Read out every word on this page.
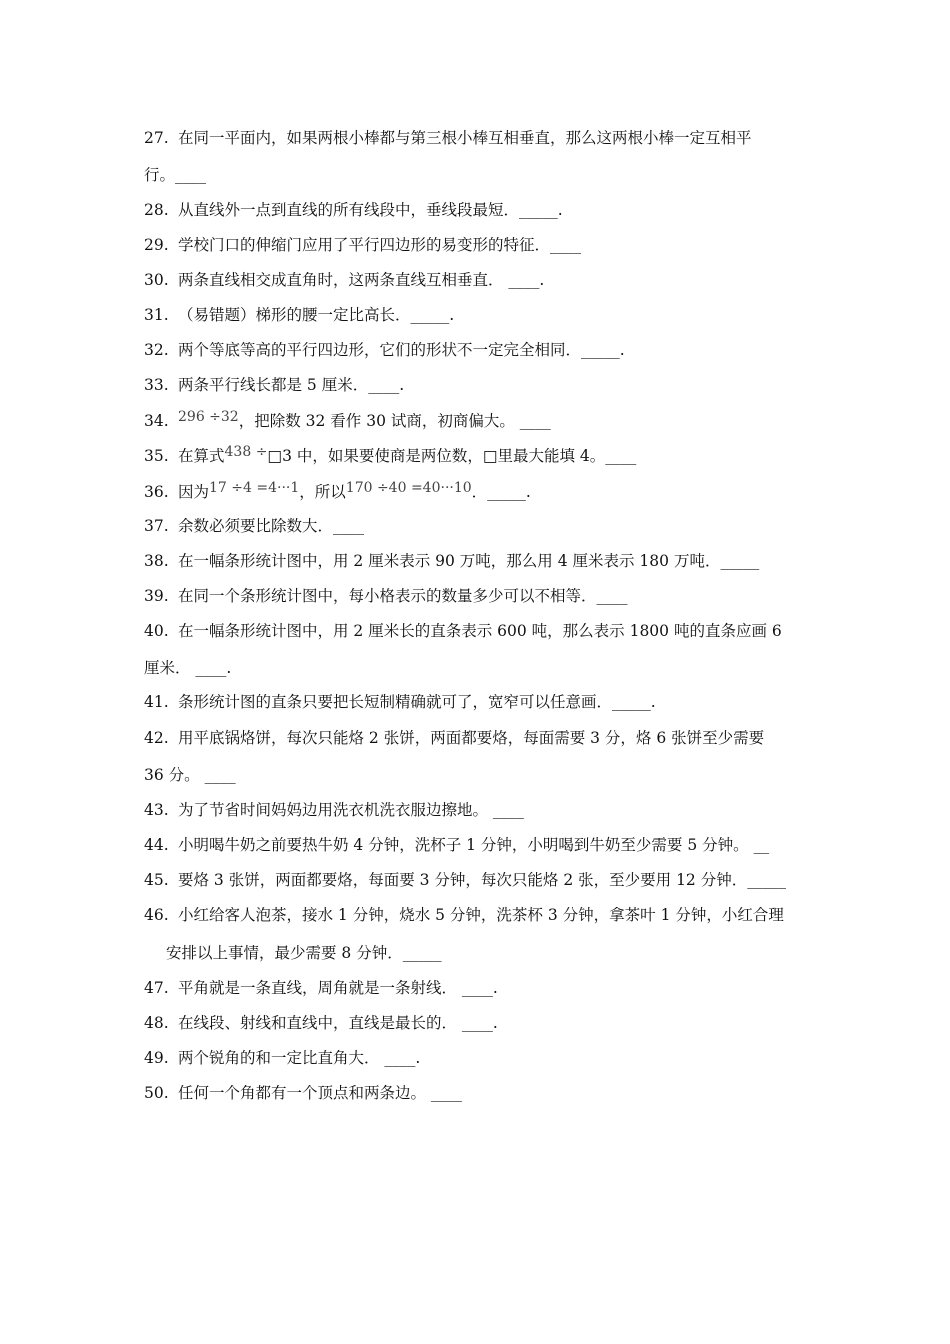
27. 在同一平面内，如果两根小棒都与第三根小棒互相垂直，那么这两根小棒一定互相平
行。____
28. 从直线外一点到直线的所有线段中，垂线段最短．_____.
29. 学校门口的伸缩门应用了平行四边形的易变形的特征．____
30. 两条直线相交成直角时，这两条直线互相垂直． ____.
31. （易错题）梯形的腰一定比高长．_____.
32. 两个等底等高的平行四边形，它们的形状不一定完全相同．_____.
33. 两条平行线长都是 5 厘米．____.
34. 296 ÷32，把除数 32 看作 30 试商，初商偏大。 ____
35. 在算式438 ÷□3 中，如果要使商是两位数，□里最大能填 4。____
36. 因为17 ÷4 =4···1，所以170 ÷40 =40···10．_____.
37. 余数必须要比除数大．____
38. 在一幅条形统计图中，用 2 厘米表示 90 万吨，那么用 4 厘米表示 180 万吨．_____
39. 在同一个条形统计图中，每小格表示的数量多少可以不相等．____
40. 在一幅条形统计图中，用 2 厘米长的直条表示 600 吨，那么表示 1800 吨的直条应画 6
厘米． ____.
41. 条形统计图的直条只要把长短制精确就可了，宽窄可以任意画．_____.
42. 用平底锅烙饼，每次只能烙 2 张饼，两面都要烙，每面需要 3 分，烙 6 张饼至少需要
36 分。 ____
43. 为了节省时间妈妈边用洗衣机洗衣服边擦地。 ____
44. 小明喝牛奶之前要热牛奶 4 分钟，洗杯子 1 分钟，小明喝到牛奶至少需要 5 分钟。 __
45. 要烙 3 张饼，两面都要烙，每面要 3 分钟，每次只能烙 2 张，至少要用 12 分钟．_____
46. 小红给客人泡茶，接水 1 分钟，烧水 5 分钟，洗茶杯 3 分钟，拿茶叶 1 分钟，小红合理
安排以上事情，最少需要 8 分钟．_____
47. 平角就是一条直线，周角就是一条射线． ____.
48. 在线段、射线和直线中，直线是最长的． ____.
49. 两个锐角的和一定比直角大． ____.
50. 任何一个角都有一个顶点和两条边。 ____
